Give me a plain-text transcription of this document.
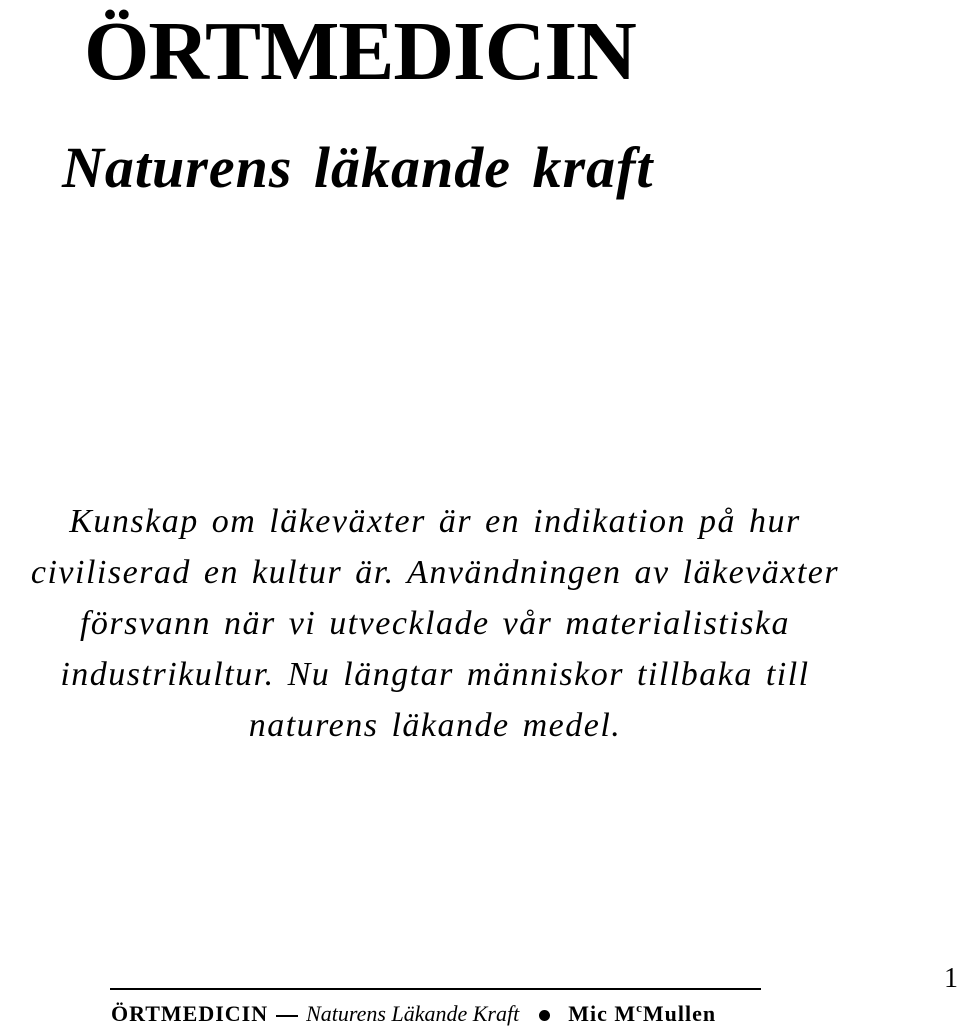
ÖRTMEDICIN
Naturens läkande kraft

Kunskap om läkeväxter är en indikation på hur
civiliserad en kultur är. Användningen av läkeväxter
försvann när vi utvecklade vår materialistiska
industrikultur. Nu längtar människor tillbaka till
naturens läkande medel.

1
ÖRTMEDICIN Naturens Läkande Kraft Mic $M^cMullen$
